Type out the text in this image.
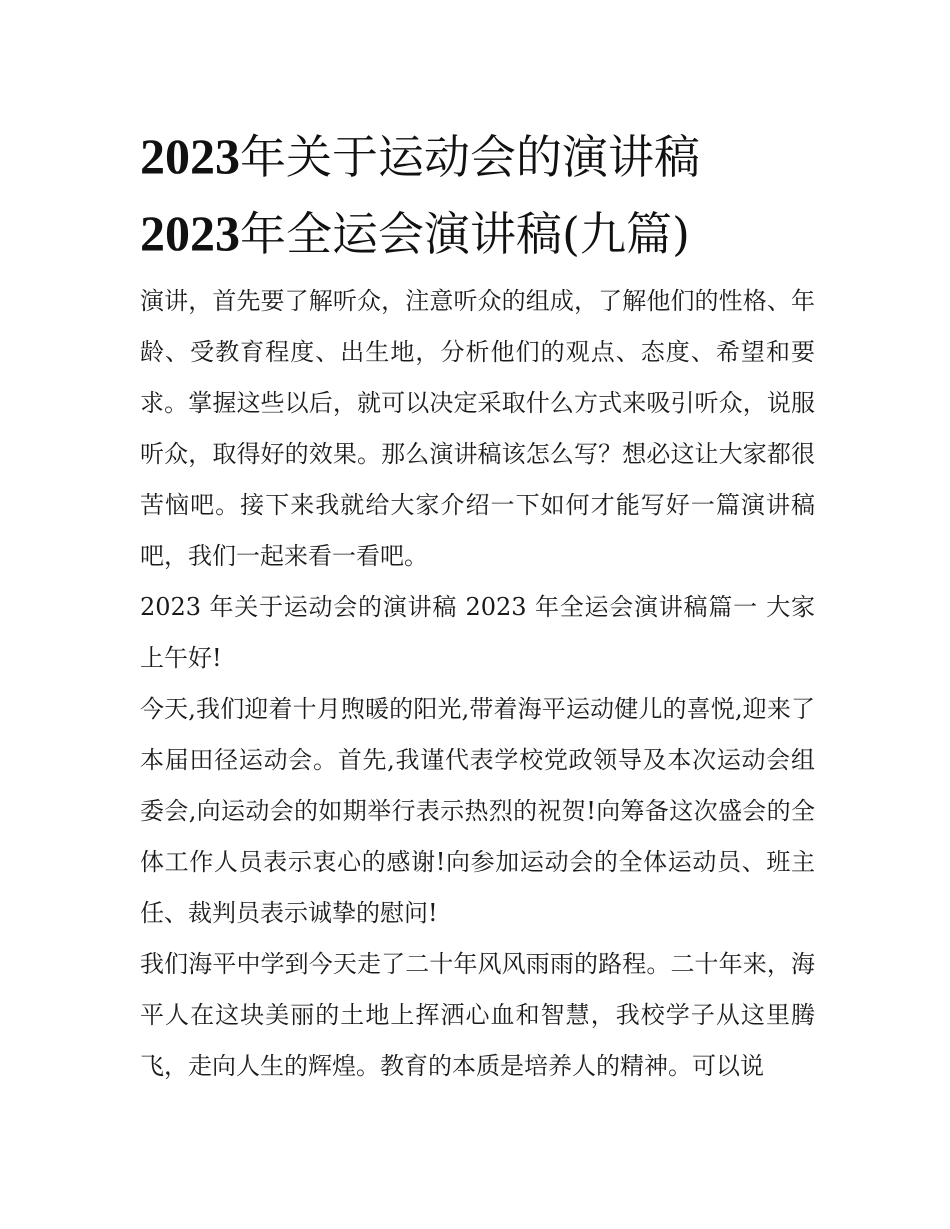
2023年关于运动会的演讲稿
2023年全运会演讲稿(九篇)

演讲，首先要了解听众，注意听众的组成，了解他们的性格、年龄、受教育程度、出生地，分析他们的观点、态度、希望和要求。掌握这些以后，就可以决定采取什么方式来吸引听众，说服听众，取得好的效果。那么演讲稿该怎么写？想必这让大家都很苦恼吧。接下来我就给大家介绍一下如何才能写好一篇演讲稿吧，我们一起来看一看吧。

2023 年关于运动会的演讲稿 2023 年全运会演讲稿篇一 大家上午好!

今天,我们迎着十月煦暖的阳光,带着海平运动健儿的喜悦,迎来了本届田径运动会。首先,我谨代表学校党政领导及本次运动会组委会,向运动会的如期举行表示热烈的祝贺!向筹备这次盛会的全体工作人员表示衷心的感谢!向参加运动会的全体运动员、班主任、裁判员表示诚挚的慰问!

我们海平中学到今天走了二十年风风雨雨的路程。二十年来，海平人在这块美丽的土地上挥洒心血和智慧，我校学子从这里腾飞，走向人生的辉煌。教育的本质是培养人的精神。可以说
